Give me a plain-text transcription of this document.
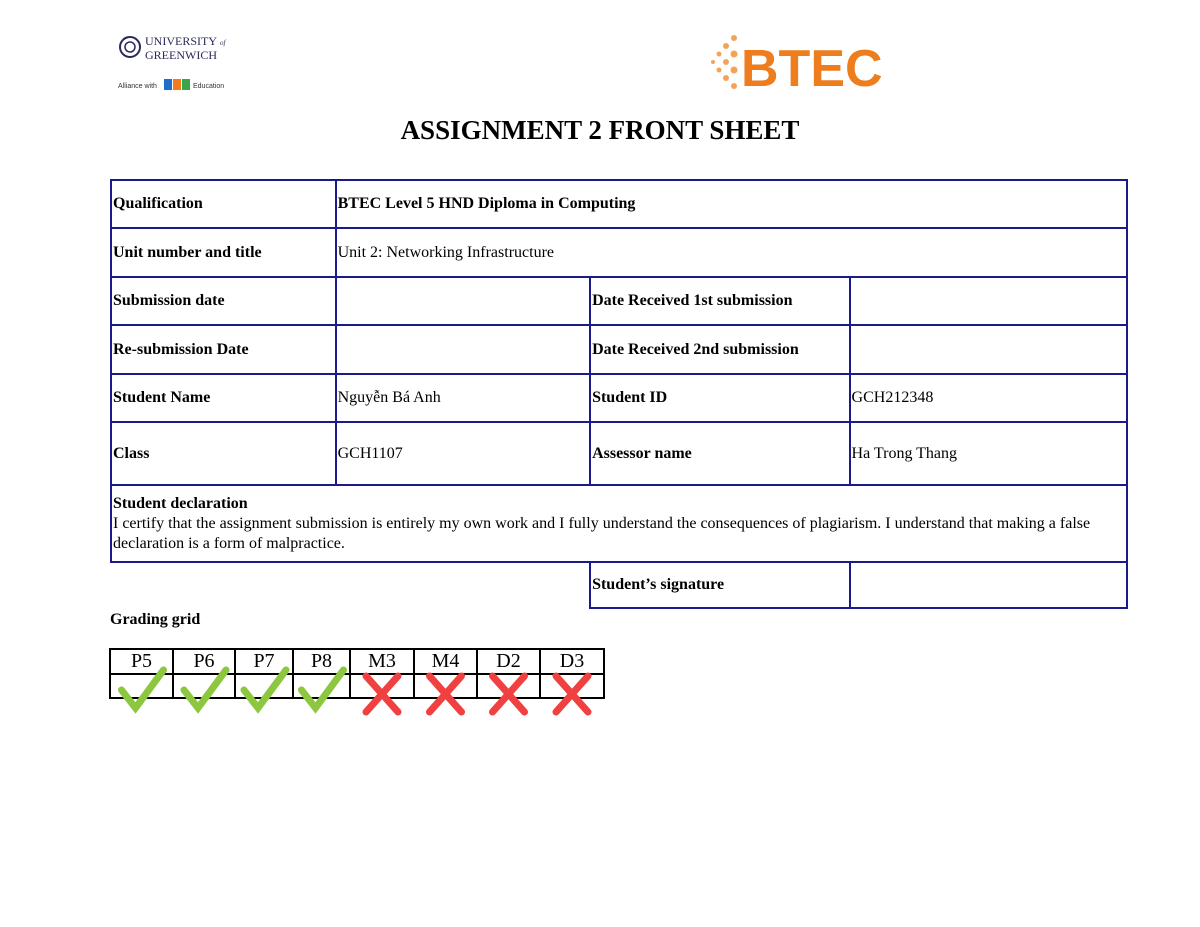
UNIVERSITY of
GREENWICH
Alliance with	Education	BTEC
ASSIGNMENT 2 FRONT SHEET
Qualification	BTEC Level 5 HND Diploma in Computing		
Unit number and title	Unit 2: Networking Infrastructure		
Submission date		Date Received 1st submission	
Re-submission Date		Date Received 2nd submission	
Student Name	Nguyễn Bá Anh	Student ID	GCH212348
Class	GCH1107	Assessor name	Ha Trong Thang

Student declaration
I certify that the assignment submission is entirely my own work and I fully understand the consequences of plagiarism. I understand that making a false declaration is a form of malpractice.			

		Student’s signature	
Grading grid
P5	P6	P7	P8	M3	M4	D2	D3
